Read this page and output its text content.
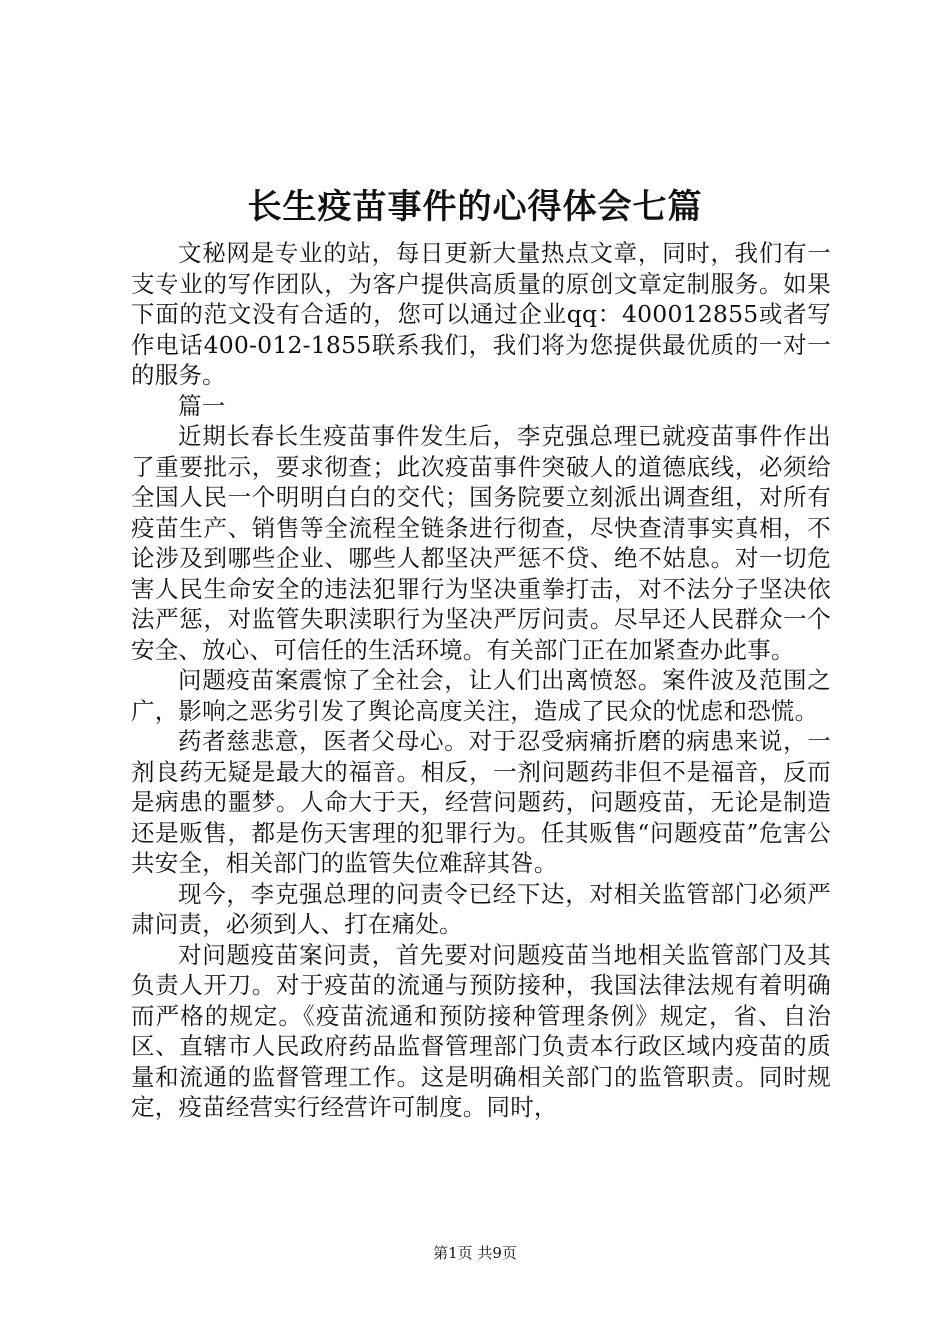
长生疫苗事件的心得体会七篇

文秘网是专业的站，每日更新大量热点文章，同时，我们有一支专业的写作团队，为客户提供高质量的原创文章定制服务。如果下面的范文没有合适的，您可以通过企业qq：400012855或者写作电话400-012-1855联系我们，我们将为您提供最优质的一对一的服务。

篇一

近期长春长生疫苗事件发生后，李克强总理已就疫苗事件作出了重要批示，要求彻查；此次疫苗事件突破人的道德底线，必须给全国人民一个明明白白的交代；国务院要立刻派出调查组，对所有疫苗生产、销售等全流程全链条进行彻查，尽快查清事实真相，不论涉及到哪些企业、哪些人都坚决严惩不贷、绝不姑息。对一切危害人民生命安全的违法犯罪行为坚决重拳打击，对不法分子坚决依法严惩，对监管失职渎职行为坚决严厉问责。尽早还人民群众一个安全、放心、可信任的生活环境。有关部门正在加紧查办此事。

问题疫苗案震惊了全社会，让人们出离愤怒。案件波及范围之广，影响之恶劣引发了舆论高度关注，造成了民众的忧虑和恐慌。

药者慈悲意，医者父母心。对于忍受病痛折磨的病患来说，一剂良药无疑是最大的福音。相反，一剂问题药非但不是福音，反而是病患的噩梦。人命大于天，经营问题药，问题疫苗，无论是制造还是贩售，都是伤天害理的犯罪行为。任其贩售“问题疫苗”危害公共安全，相关部门的监管失位难辞其咎。

现今，李克强总理的问责令已经下达，对相关监管部门必须严肃问责，必须到人、打在痛处。

对问题疫苗案问责，首先要对问题疫苗当地相关监管部门及其负责人开刀。对于疫苗的流通与预防接种，我国法律法规有着明确而严格的规定。《疫苗流通和预防接种管理条例》规定，省、自治区、直辖市人民政府药品监督管理部门负责本行政区域内疫苗的质量和流通的监督管理工作。这是明确相关部门的监管职责。同时规定，疫苗经营实行经营许可制度。同时，

第1页 共9页
